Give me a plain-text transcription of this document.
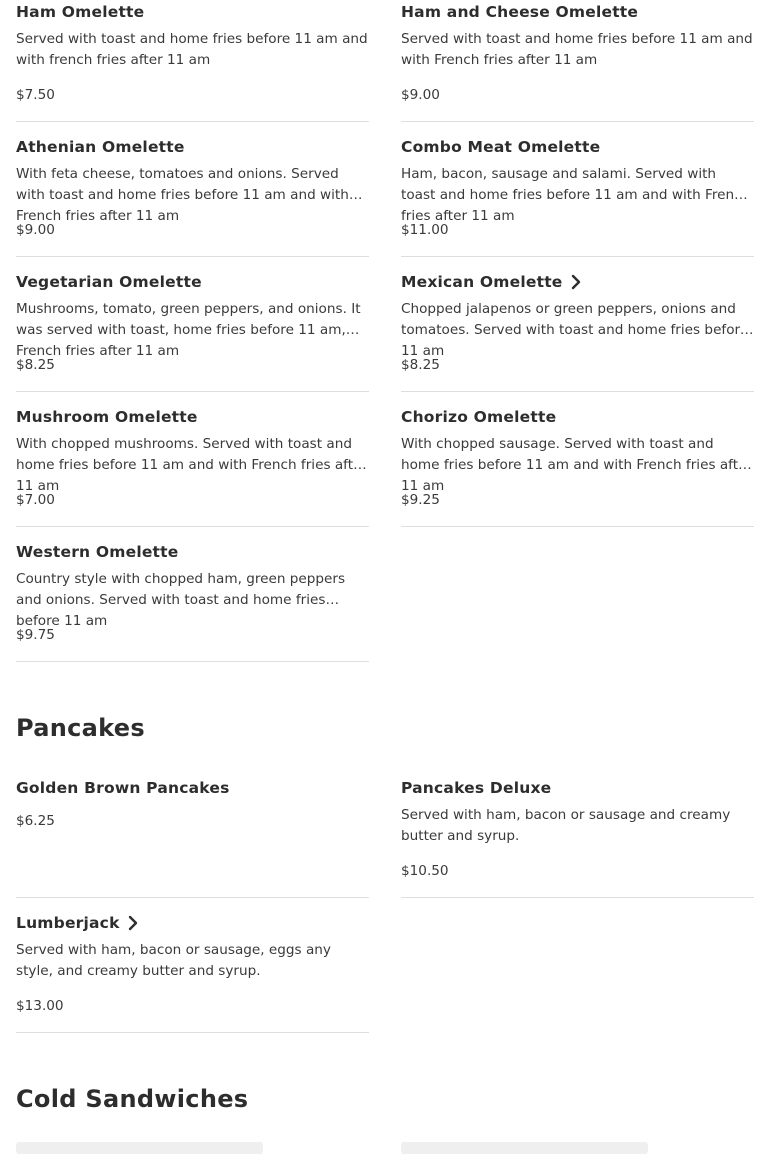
Ham Omelette
Served with toast and home fries before 11 am and with french fries after 11 am
$7.50
Ham and Cheese Omelette
Served with toast and home fries before 11 am and with French fries after 11 am
$9.00
Athenian Omelette
With feta cheese, tomatoes and onions. Served with toast and home fries before 11 am and with French fries after 11 am
$9.00
Combo Meat Omelette
Ham, bacon, sausage and salami. Served with toast and home fries before 11 am and with French fries after 11 am
$11.00
Vegetarian Omelette
Mushrooms, tomato, green peppers, and onions. It was served with toast, home fries before 11 am, French fries after 11 am
$8.25
Mexican Omelette
Chopped jalapenos or green peppers, onions and tomatoes. Served with toast and home fries before 11 am
$8.25
Mushroom Omelette
With chopped mushrooms. Served with toast and home fries before 11 am and with French fries after 11 am
$7.00
Chorizo Omelette
With chopped sausage. Served with toast and home fries before 11 am and with French fries after 11 am
$9.25
Western Omelette
Country style with chopped ham, green peppers and onions. Served with toast and home fries before 11 am
$9.75
Pancakes
Golden Brown Pancakes
$6.25
Pancakes Deluxe
Served with ham, bacon or sausage and creamy butter and syrup.
$10.50
Lumberjack
Served with ham, bacon or sausage, eggs any style, and creamy butter and syrup.
$13.00
Cold Sandwiches
